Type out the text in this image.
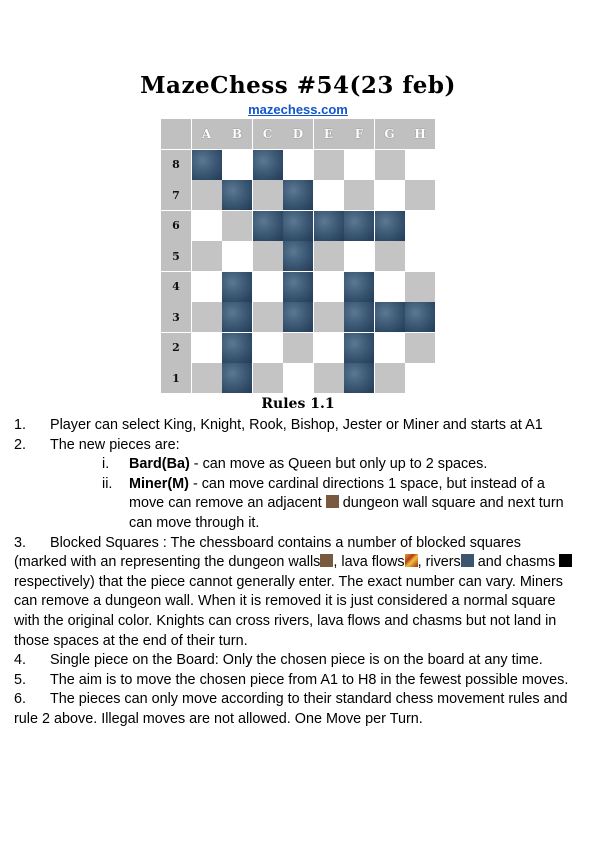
MazeChess #54(23 feb)
mazechess.com
A	B	C	D	E	F	G	H
8
7
6
5
4
3
2
1
Rules 1.1
1. Player can select King, Knight, Rook, Bishop, Jester or Miner and starts at A1
2. The new pieces are:
i. Bard(Ba) - can move as Queen but only up to 2 spaces.
ii. Miner(M) - can move cardinal directions 1 space, but instead of a move can remove an adjacent  dungeon wall square and next turn can move through it.
3. Blocked Squares : The chessboard contains a number of blocked squares (marked with an representing the dungeon walls , lava flows , rivers and chasms respectively) that the piece cannot generally enter. The exact number can vary. Miners can remove a dungeon wall. When it is removed it is just considered a normal square with the original color. Knights can cross rivers, lava flows and chasms but not land in those spaces at the end of their turn.
4. Single piece on the Board: Only the chosen piece is on the board at any time.
5. The aim is to move the chosen piece from A1 to H8 in the fewest possible moves.
6. The pieces can only move according to their standard chess movement rules and rule 2 above. Illegal moves are not allowed. One Move per Turn.
